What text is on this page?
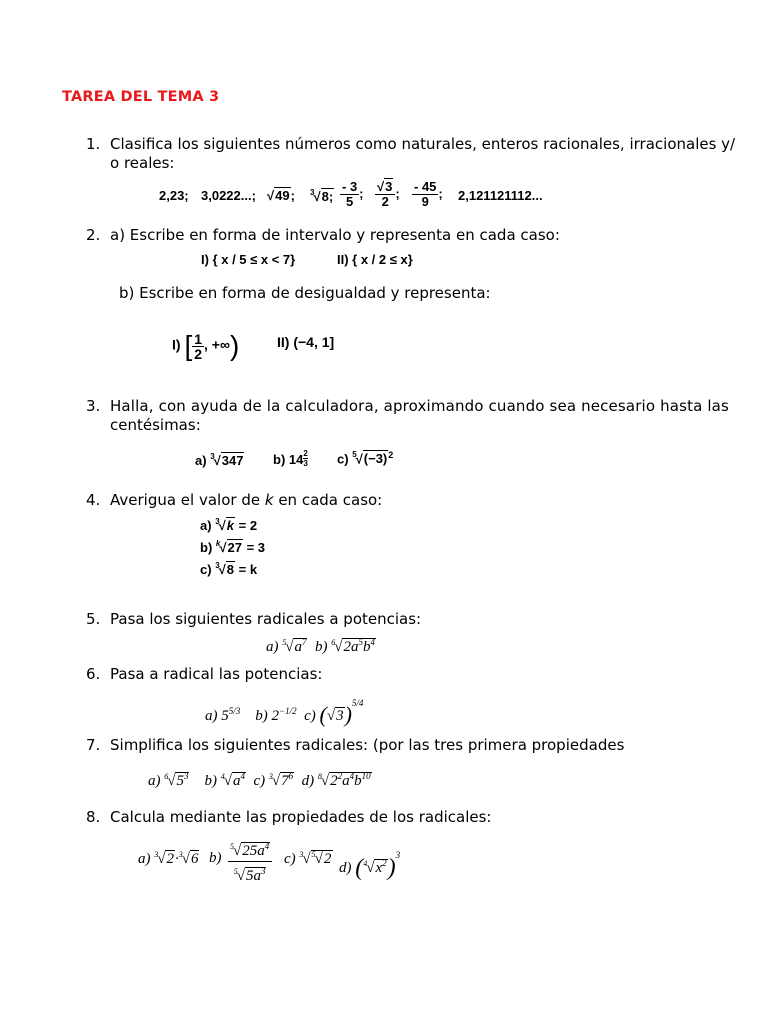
TAREA DEL TEMA 3
1. Clasifica los siguientes números como naturales, enteros racionales, irracionales y/
o reales:
2,23; 3,0222...; √49; $^3$√8; $\frac{- 3}{5}$ ; $\frac{√3}{2}$ ; $\frac{- 45}{9}$ ; 2,121121112...
2. a) Escribe en forma de intervalo y representa en cada caso:
I) { x / 5 ≤ x < 7}	II) { x / 2 ≤ x}
b) Escribe en forma de desigualdad y representa:
I) [ $\frac{1}{2}$ , +∞)	II) (−4, 1]
3. Halla, con ayuda de la calculadora, aproximando cuando sea necesario hasta las
centésimas:
a) $^3$√347 b) $14 \frac{2}{3} c$) $^5√(-3)^2$
4. Averigua el valor de k en cada caso:
a) $^3$√k = 2
b) $^k$√27 = 3
c) $^3$√8 = k
5. Pasa los siguientes radicales a potencias:
a) $^5√a^7$ b) $^6√2a^5b^4$
6. Pasa a radical las potencias:
a) $5^{5/3}$ b) $2^{-1/2}$ c) $(√3)^{5/4}$
7. Simplifica los siguientes radicales: (por las tres primera propiedades
a) $^6√5^3$ b) $^4√a^4$ c) $^3√7^6$ d) $^8√2^2a^4b^{10}$
8. Calcula mediante las propiedades de los radicales:
a) $^3$√2·$^3$√6 $b) \frac{^5√25a^4}{^5√5a^3} c$) $^3$√$^5$√2
d) $(^4√x^2)^3$
